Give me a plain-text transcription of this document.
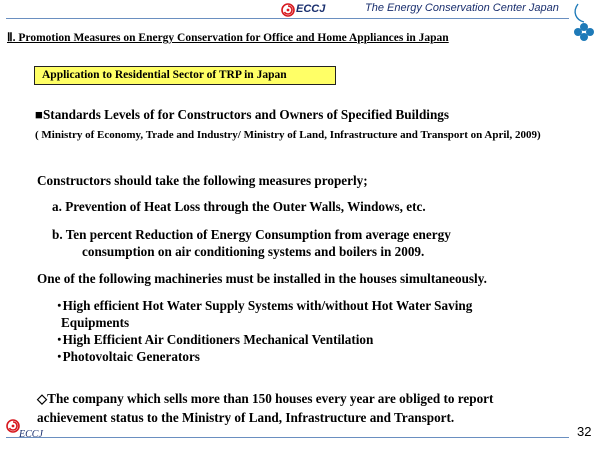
ECCJ	The Energy Conservation Center Japan
Ⅱ. Promotion Measures on Energy Conservation for Office and Home Appliances in Japan
Application to Residential Sector of TRP in Japan
■Standards Levels of for Constructors and Owners of Specified Buildings
( Ministry of Economy, Trade and Industry/ Ministry of Land, Infrastructure and Transport on April, 2009)
Constructors should take the following measures properly;
a. Prevention of Heat Loss through the Outer Walls, Windows, etc.
b. Ten percent Reduction of Energy Consumption from average energy
consumption on air conditioning systems and boilers in 2009.
One of the following machineries must be installed in the houses simultaneously.
･High efficient Hot Water Supply Systems with/without Hot Water Saving
Equipments
･High Efficient Air Conditioners Mechanical Ventilation
･Photovoltaic Generators
◇The company which sells more than 150 houses every year are obliged to report
achievement status to the Ministry of Land, Infrastructure and Transport.
ECCJ	32
